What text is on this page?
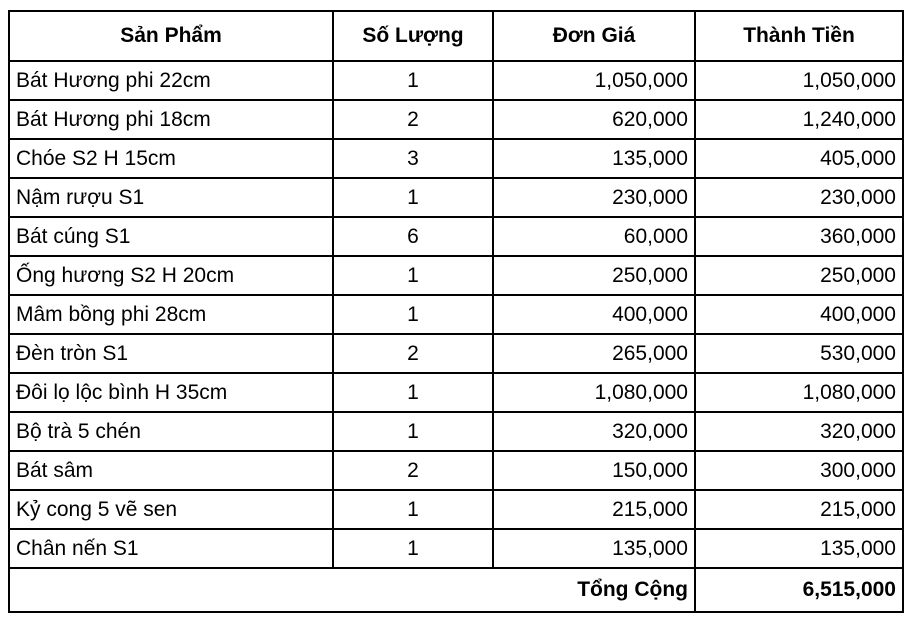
Sản Phẩm	Số Lượng	Đơn Giá	Thành Tiền
Bát Hương phi 22cm	1	1,050,000	1,050,000
Bát Hương phi 18cm	2	620,000	1,240,000
Chóe S2 H 15cm	3	135,000	405,000
Nậm rượu S1	1	230,000	230,000
Bát cúng S1	6	60,000	360,000
Ống hương S2 H 20cm	1	250,000	250,000
Mâm bồng phi 28cm	1	400,000	400,000
Đèn tròn S1	2	265,000	530,000
Đôi lọ lộc bình H 35cm	1	1,080,000	1,080,000
Bộ trà 5 chén	1	320,000	320,000
Bát sâm	2	150,000	300,000
Kỷ cong 5 vẽ sen	1	215,000	215,000
Chân nến S1	1	135,000	135,000
Tổng Cộng			6,515,000
